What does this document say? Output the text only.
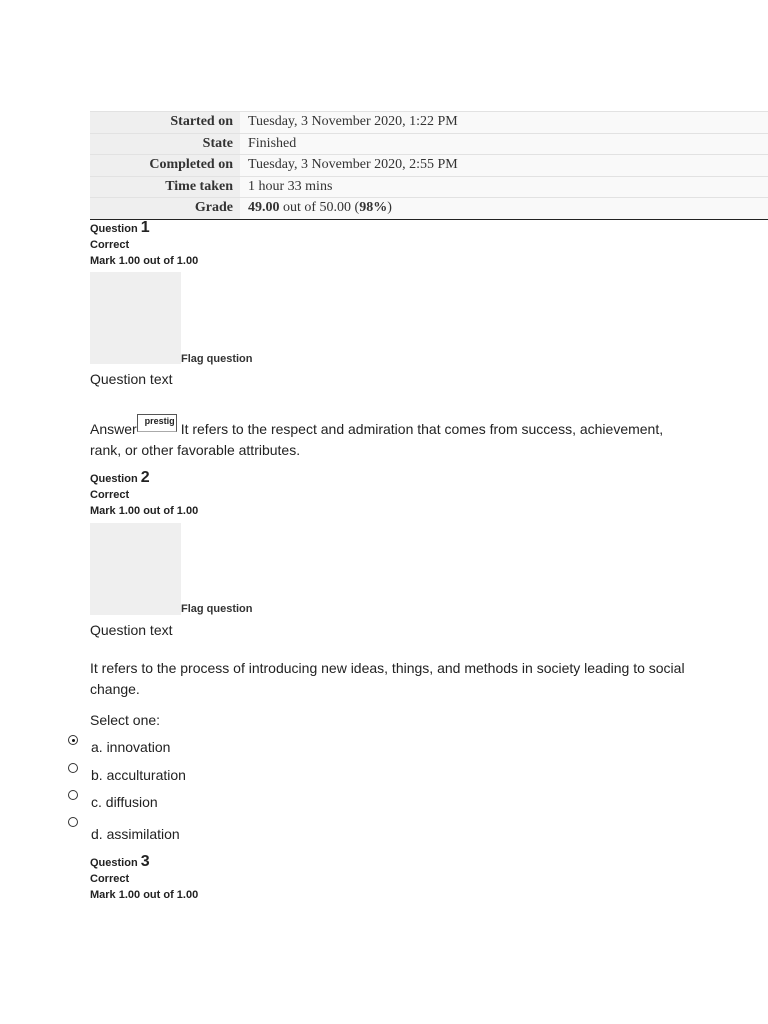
Started on	Tuesday, 3 November 2020, 1:22 PM
State	Finished
Completed on	Tuesday, 3 November 2020, 2:55 PM
Time taken	1 hour 33 mins
Grade	49.00 out of 50.00 (98%)
Question 1
Correct
Mark 1.00 out of 1.00
Flag question
Question text
Answer prestig It refers to the respect and admiration that comes from success, achievement, rank, or other favorable attributes.
Question 2
Correct
Mark 1.00 out of 1.00
Flag question
Question text
It refers to the process of introducing new ideas, things, and methods in society leading to social change.
Select one:
a. innovation
b. acculturation
c. diffusion
d. assimilation
Question 3
Correct
Mark 1.00 out of 1.00
